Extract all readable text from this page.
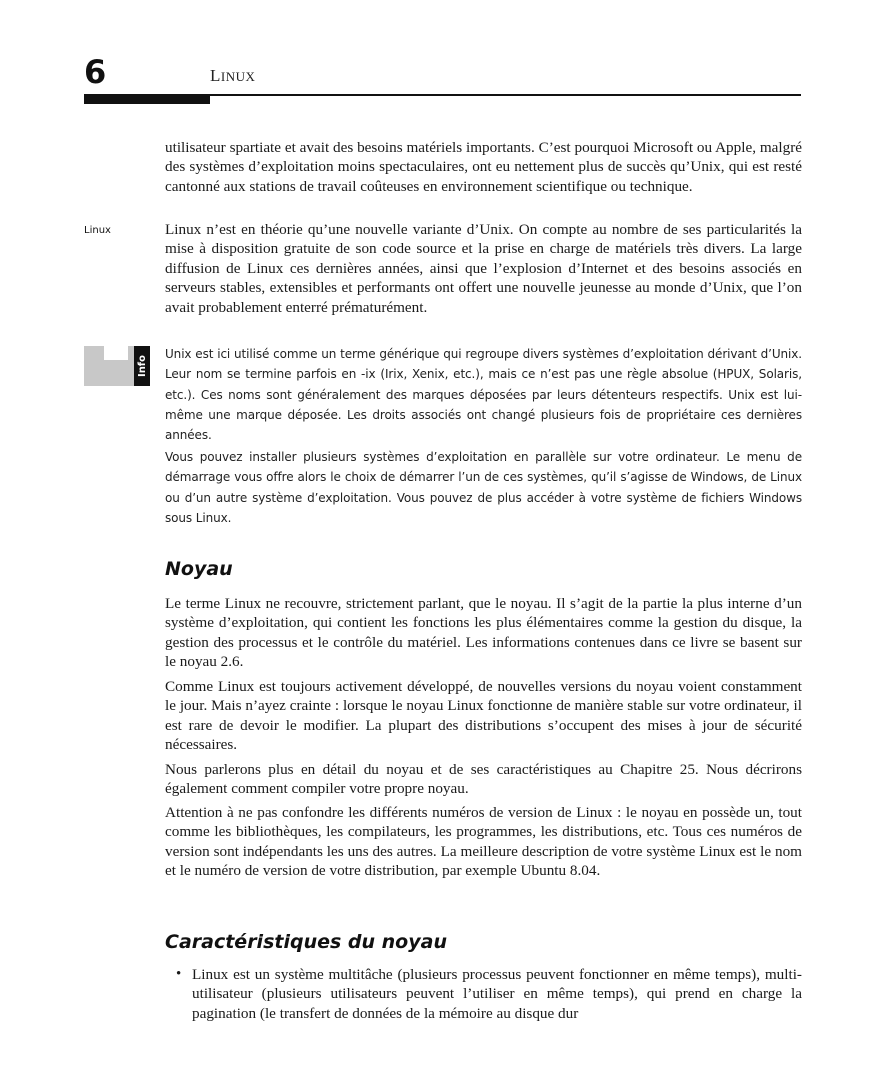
6	LINUX

utilisateur spartiate et avait des besoins matériels importants. C’est pourquoi Microsoft ou Apple, malgré des systèmes d’exploitation moins spectaculaires, ont eu nettement plus de succès qu’Unix, qui est resté cantonné aux stations de travail coûteuses en environnement scientifique ou technique.

Linux	Linux n’est en théorie qu’une nouvelle variante d’Unix. On compte au nombre de ses particularités la mise à disposition gratuite de son code source et la prise en charge de matériels très divers. La large diffusion de Linux ces dernières années, ainsi que l’explosion d’Internet et des besoins associés en serveurs stables, extensibles et performants ont offert une nouvelle jeunesse au monde d’Unix, que l’on avait probablement enterré prématurément.

Info

Unix est ici utilisé comme un terme générique qui regroupe divers systèmes d’exploitation dérivant d’Unix. Leur nom se termine parfois en -ix (Irix, Xenix, etc.), mais ce n’est pas une règle absolue (HPUX, Solaris, etc.). Ces noms sont généralement des marques déposées par leurs détenteurs respectifs. Unix est lui-même une marque déposée. Les droits associés ont changé plusieurs fois de propriétaire ces dernières années.

Vous pouvez installer plusieurs systèmes d’exploitation en parallèle sur votre ordinateur. Le menu de démarrage vous offre alors le choix de démarrer l’un de ces systèmes, qu’il s’agisse de Windows, de Linux ou d’un autre système d’exploitation. Vous pouvez de plus accéder à votre système de fichiers Windows sous Linux.

Noyau

Le terme Linux ne recouvre, strictement parlant, que le noyau. Il s’agit de la partie la plus interne d’un système d’exploitation, qui contient les fonctions les plus élémentaires comme la gestion du disque, la gestion des processus et le contrôle du matériel. Les informations contenues dans ce livre se basent sur le noyau 2.6.

Comme Linux est toujours activement développé, de nouvelles versions du noyau voient constamment le jour. Mais n’ayez crainte : lorsque le noyau Linux fonctionne de manière stable sur votre ordinateur, il est rare de devoir le modifier. La plupart des distributions s’occupent des mises à jour de sécurité nécessaires.

Nous parlerons plus en détail du noyau et de ses caractéristiques au Chapitre 25. Nous décrirons également comment compiler votre propre noyau.

Attention à ne pas confondre les différents numéros de version de Linux : le noyau en possède un, tout comme les bibliothèques, les compilateurs, les programmes, les distributions, etc. Tous ces numéros de version sont indépendants les uns des autres. La meilleure description de votre système Linux est le nom et le numéro de version de votre distribution, par exemple Ubuntu 8.04.

Caractéristiques du noyau
• Linux est un système multitâche (plusieurs processus peuvent fonctionner en même temps), multi-utilisateur (plusieurs utilisateurs peuvent l’utiliser en même temps), qui prend en charge la pagination (le transfert de données de la mémoire au disque dur
